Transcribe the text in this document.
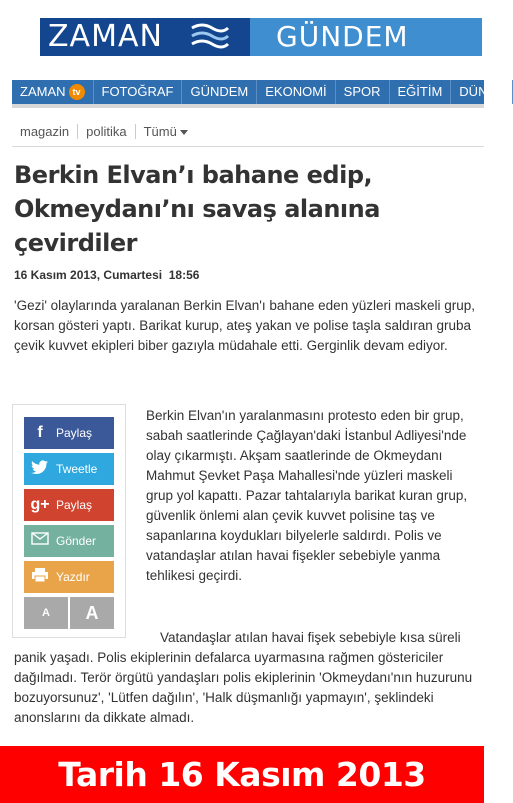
ZAMAN	GÜNDEM
ZAMAN tv	FOTOĞRAF	GÜNDEM	EKONOMİ	SPOR	EĞİTİM	DÜNYA
magazin	politika	Tümü
Berkin Elvan’ı bahane edip, Okmeydanı’nı savaş alanına çevirdiler
16 Kasım 2013, Cumartesi  18:56

'Gezi' olaylarında yaralanan Berkin Elvan'ı bahane eden yüzleri maskeli grup, korsan gösteri yaptı. Barikat kurup, ateş yakan ve polise taşla saldıran gruba çevik kuvvet ekipleri biber gazıyla müdahale etti. Gerginlik devam ediyor.

f	Paylaş
Tweetle
g+ Paylaş
Gönder
Yazdır
A	A

Berkin Elvan'ın yaralanmasını protesto eden bir grup, sabah saatlerinde Çağlayan'daki İstanbul Adliyesi'nde olay çıkarmıştı. Akşam saatlerinde de Okmeydanı Mahmut Şevket Paşa Mahallesi'nde yüzleri maskeli grup yol kapattı. Pazar tahtalarıyla barikat kuran grup, güvenlik önlemi alan çevik kuvvet polisine taş ve sapanlarına koydukları bilyelerle saldırdı. Polis ve vatandaşlar atılan havai fişekler sebebiyle yanma tehlikesi geçirdi.

Vatandaşlar atılan havai fişek sebebiyle kısa süreli panik yaşadı. Polis ekiplerinin defalarca uyarmasına rağmen göstericiler dağılmadı. Terör örgütü yandaşları polis ekiplerinin 'Okmeydanı'nın huzurunu bozuyorsunuz', 'Lütfen dağılın', 'Halk düşmanlığı yapmayın', şeklindeki anonslarını da dikkate almadı.

Tarih 16 Kasım 2013
